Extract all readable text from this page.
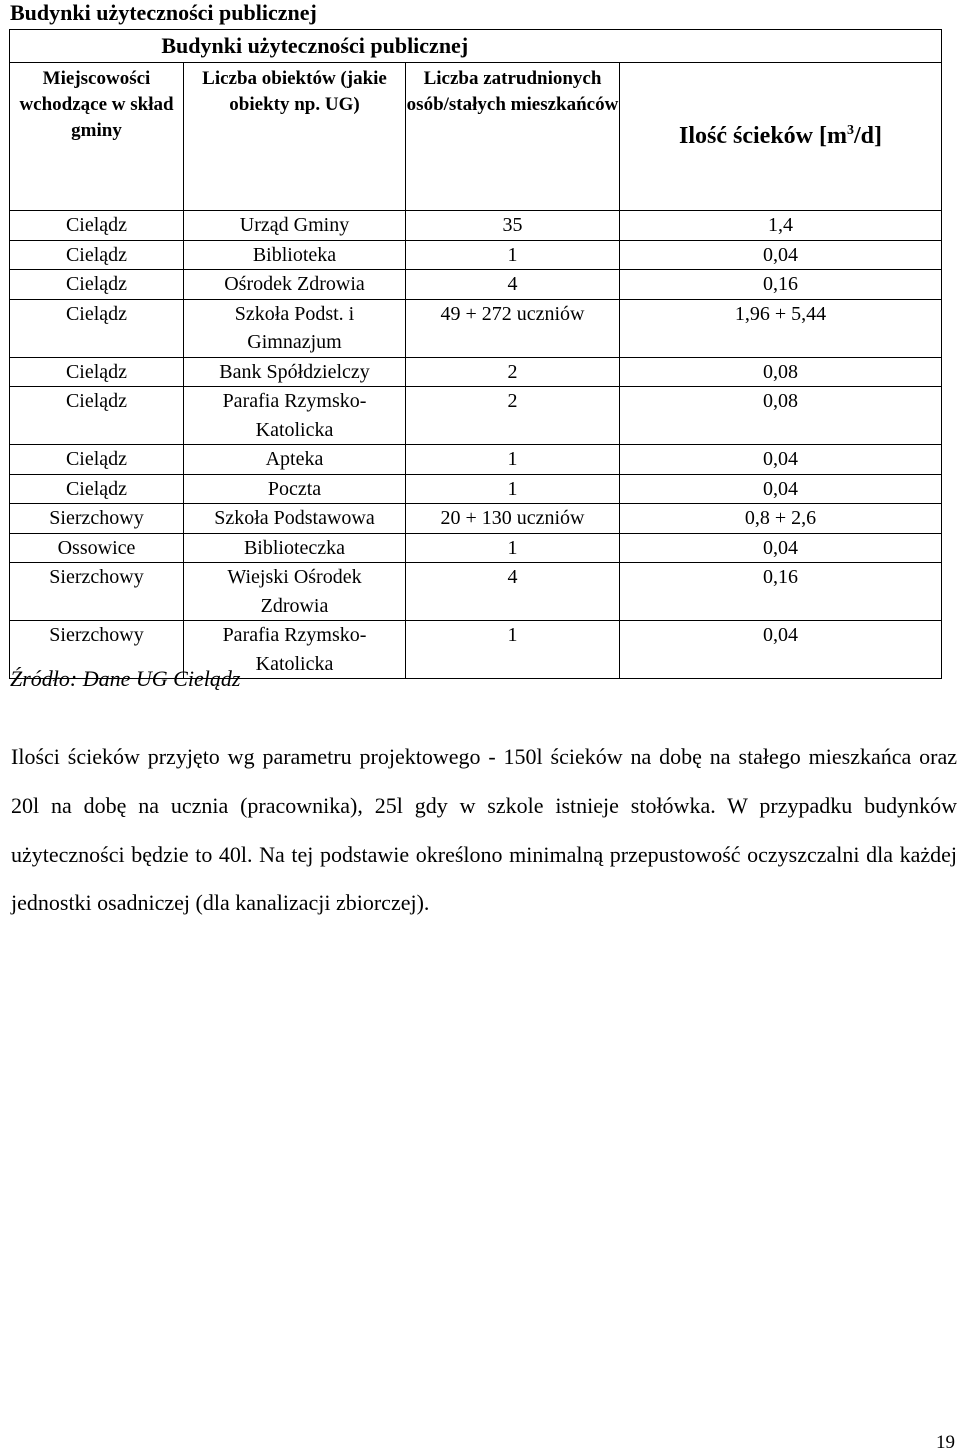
Budynki użyteczności publicznej
Budynki użyteczności publicznej			
Miejscowości wchodzące w skład gminy	Liczba obiektów (jakie obiekty np. UG)	Liczba zatrudnionych osób/stałych mieszkańców	Ilość ścieków $[m^3/d]$
Cielądz	Urząd Gminy	35	1,4
Cielądz	Biblioteka	1	0,04
Cielądz	Ośrodek Zdrowia	4	0,16
Cielądz	Szkoła Podst. i Gimnazjum	49 + 272 uczniów	1,96 + 5,44
Cielądz	Bank Spółdzielczy	2	0,08
Cielądz	Parafia Rzymsko-Katolicka	2	0,08
Cielądz	Apteka	1	0,04
Cielądz	Poczta	1	0,04
Sierzchowy	Szkoła Podstawowa	20 + 130 uczniów	0,8 + 2,6
Ossowice	Biblioteczka	1	0,04
Sierzchowy	Wiejski Ośrodek Zdrowia	4	0,16
Sierzchowy	Parafia Rzymsko-Katolicka	1	0,04
Źródło: Dane UG Cielądz

Ilości ścieków przyjęto wg parametru projektowego - 150l ścieków na dobę na stałego mieszkańca oraz 20l na dobę na ucznia (pracownika), 25l gdy w szkole istnieje stołówka. W przypadku budynków użyteczności będzie to 40l. Na tej podstawie określono minimalną przepustowość oczyszczalni dla każdej jednostki osadniczej (dla kanalizacji zbiorczej).

19
